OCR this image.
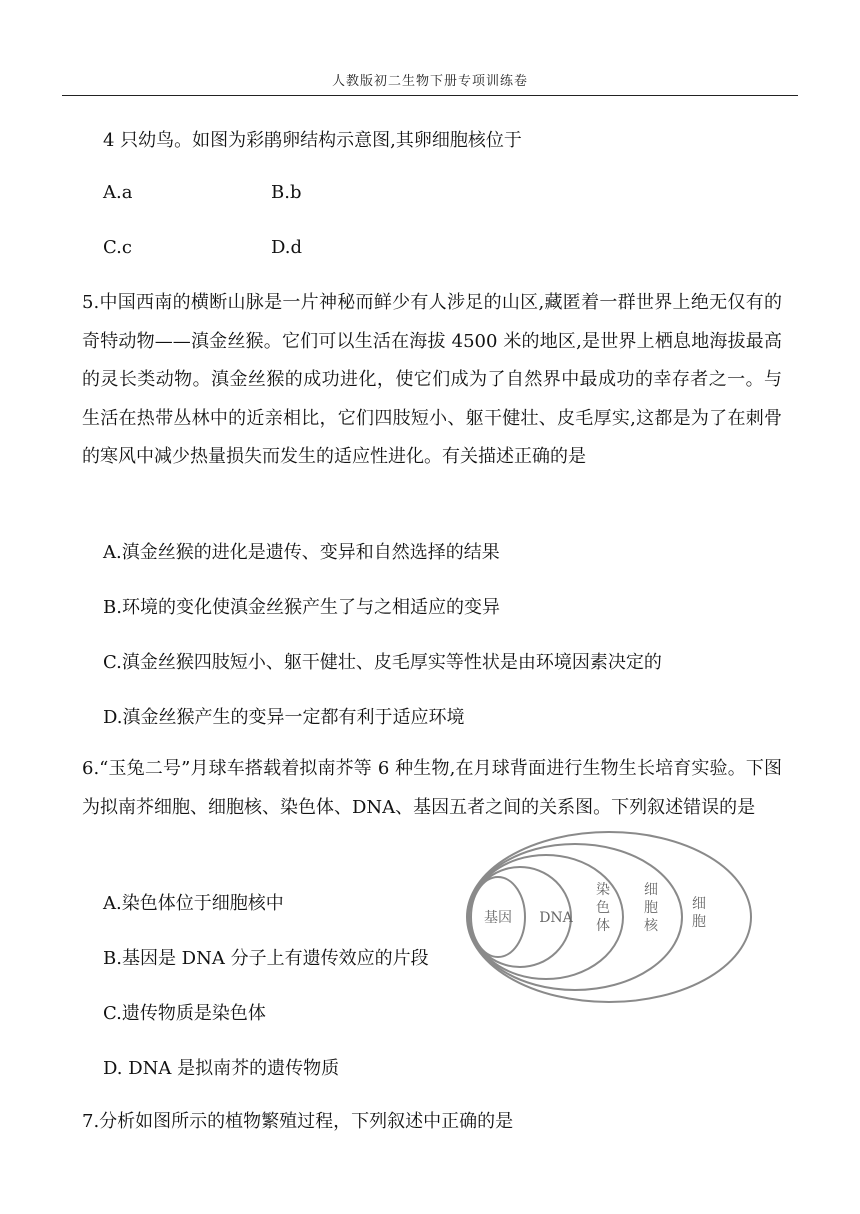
人教版初二生物下册专项训练卷
4 只幼鸟。如图为彩鹃卵结构示意图,其卵细胞核位于
A.a	B.b
C.c	D.d
5.中国西南的横断山脉是一片神秘而鲜少有人涉足的山区,藏匿着一群世界上绝无仅有的奇特动物——滇金丝猴。它们可以生活在海拔 4500 米的地区,是世界上栖息地海拔最高的灵长类动物。滇金丝猴的成功进化，使它们成为了自然界中最成功的幸存者之一。与生活在热带丛林中的近亲相比，它们四肢短小、躯干健壮、皮毛厚实,这都是为了在刺骨的寒风中减少热量损失而发生的适应性进化。有关描述正确的是
A.滇金丝猴的进化是遗传、变异和自然选择的结果
B.环境的变化使滇金丝猴产生了与之相适应的变异
C.滇金丝猴四肢短小、躯干健壮、皮毛厚实等性状是由环境因素决定的
D.滇金丝猴产生的变异一定都有利于适应环境
6.“玉兔二号”月球车搭载着拟南芥等 6 种生物,在月球背面进行生物生长培育实验。下图为拟南芥细胞、细胞核、染色体、DNA、基因五者之间的关系图。下列叙述错误的是
A.染色体位于细胞核中
B.基因是 DNA 分子上有遗传效应的片段
C.遗传物质是染色体
D. DNA 是拟南芥的遗传物质
基因 DNA
染色体
细胞核
细胞
7.分析如图所示的植物繁殖过程，下列叙述中正确的是
